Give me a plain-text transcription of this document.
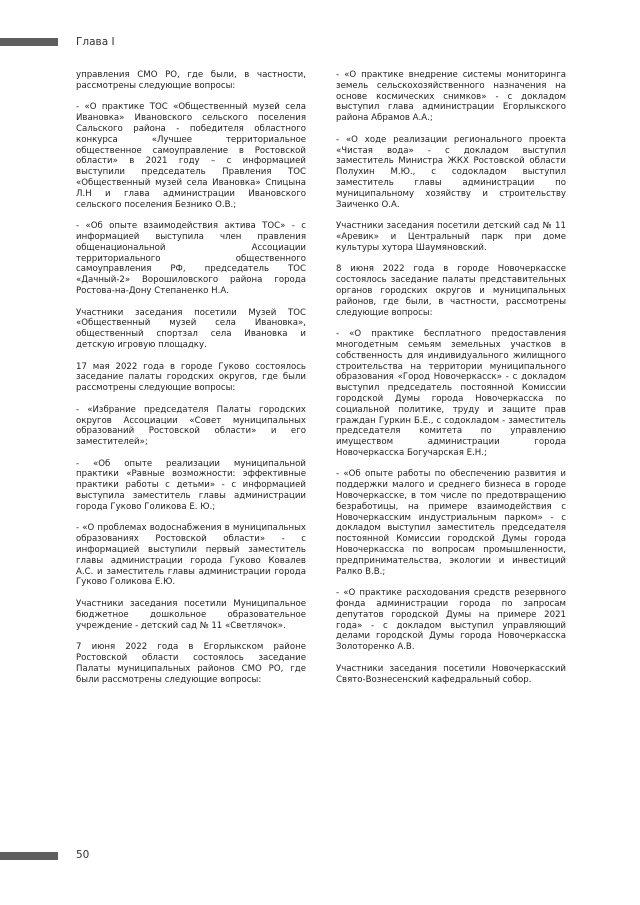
Глава I

управления СМО РО, где были, в частности, рассмотрены следующие вопросы:

- «О практике ТОС «Общественный музей села Ивановка» Ивановского сельского поселения Сальского района - победителя областного конкурса «Лучшее территориальное общественное самоуправление в Ростовской области» в 2021 году – с информацией выступили председатель Правления ТОС «Общественный музей села Ивановка» Спицына Л.Н и глава администрации Ивановского сельского поселения Безнико О.В.;

- «Об опыте взаимодействия актива ТОС» - с информацией выступила член правления общенациональной Ассоциации территориального общественного самоуправления РФ, председатель ТОС «Дачный-2» Ворошиловского района города Ростова-на-Дону Степаненко Н.А.

Участники заседания посетили Музей ТОС «Общественный музей села Ивановка», общественный спортзал села Ивановка и детскую игровую площадку.

17 мая 2022 года в городе Гуково состоялось заседание палаты городских округов, где были рассмотрены следующие вопросы:

- «Избрание председателя Палаты городских округов Ассоциации «Совет муниципальных образований Ростовской области» и его заместителей»;

- «Об опыте реализации муниципальной практики «Равные возможности: эффективные практики работы с детьми» - с информацией выступила заместитель главы администрации города Гуково Голикова Е. Ю.;

- «О проблемах водоснабжения в муниципальных образованиях Ростовской области» - с информацией выступили первый заместитель главы администрации города Гуково Ковалев А.С. и заместитель главы администрации города Гуково Голикова Е.Ю.

Участники заседания посетили Муниципальное бюджетное дошкольное образовательное учреждение - детский сад № 11 «Светлячок».

7 июня 2022 года в Егорлыкском районе Ростовской области состоялось заседание Палаты муниципальных районов СМО РО, где были рассмотрены следующие вопросы:

- «О практике внедрение системы мониторинга земель сельскохозяйственного назначения на основе космических снимков» - с докладом выступил глава администрации Егорлыкского района Абрамов А.А.;

- «О ходе реализации регионального проекта «Чистая вода» - с докладом выступил заместитель Министра ЖКХ Ростовской области Полухин М.Ю., с содокладом выступил заместитель главы администрации по муниципальному хозяйству и строительству Заиченко О.А.

Участники заседания посетили детский сад № 11 «Аревик» и Центральный парк при доме культуры хутора Шаумяновский.

8 июня 2022 года в городе Новочеркасске состоялось заседание палаты представительных органов городских округов и муниципальных районов, где были, в частности, рассмотрены следующие вопросы:

- «О практике бесплатного предоставления многодетным семьям земельных участков в собственность для индивидуального жилищного строительства на территории муниципального образования «Город Новочеркасск» - с докладом выступил председатель постоянной Комиссии городской Думы города Новочеркасска по социальной политике, труду и защите прав граждан Гуркин Б.Е., с содокладом - заместитель председателя комитета по управлению имуществом администрации города Новочеркасска Богучарская Е.Н.;

- «Об опыте работы по обеспечению развития и поддержки малого и среднего бизнеса в городе Новочеркасске, в том числе по предотвращению безработицы, на примере взаимодействия с Новочеркасским индустриальным парком» - с докладом выступил заместитель председателя постоянной Комиссии городской Думы города Новочеркасска по вопросам промышленности, предпринимательства, экологии и инвестиций Ралко В.В.;

- «О практике расходования средств резервного фонда администрации города по запросам депутатов городской Думы на примере 2021 года» - с докладом выступил управляющий делами городской Думы города Новочеркасска Золоторенко А.В.

Участники заседания посетили Новочеркасский Свято-Вознесенский кафедральный собор.

50
